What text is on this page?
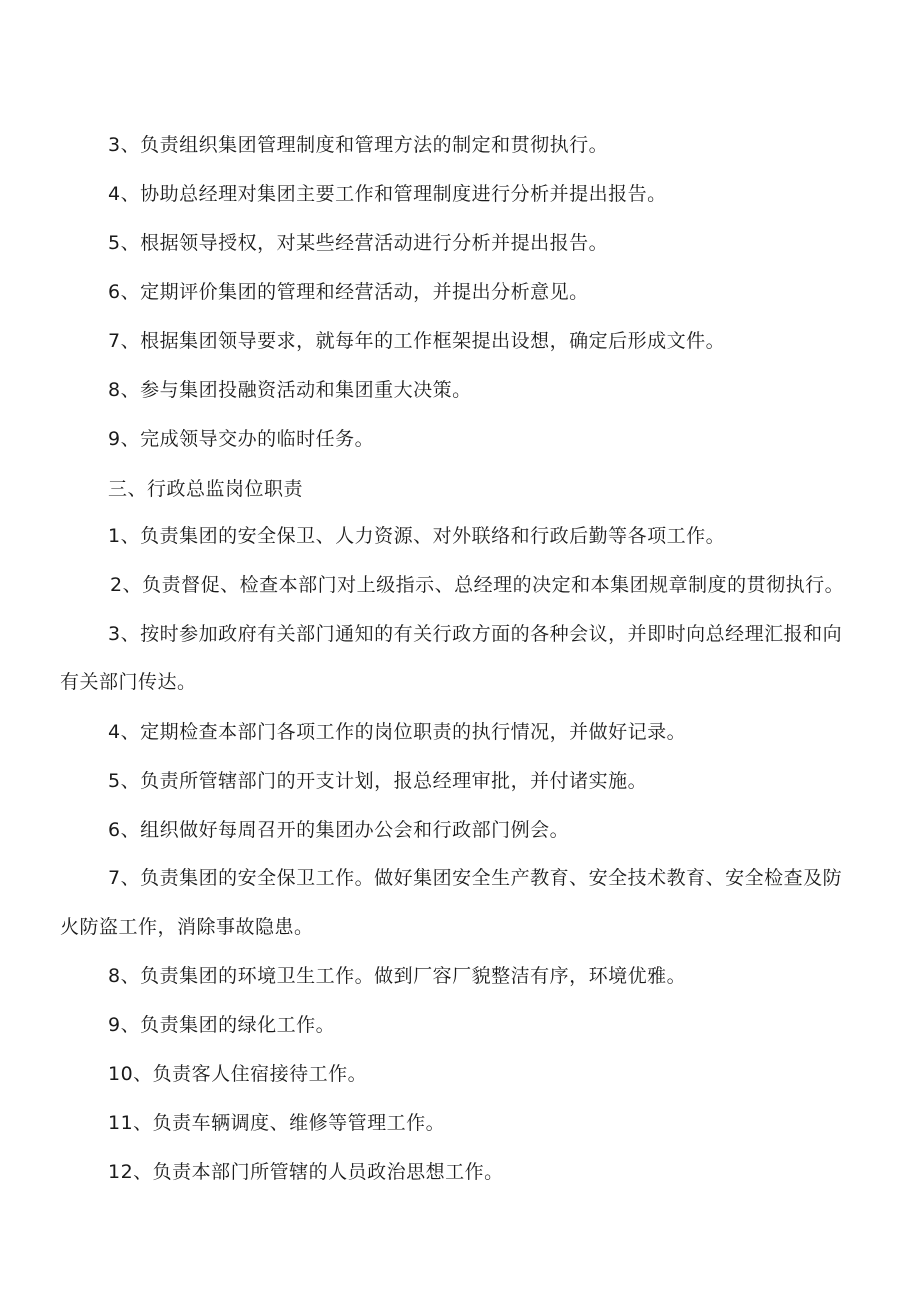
3、负责组织集团管理制度和管理方法的制定和贯彻执行。
4、协助总经理对集团主要工作和管理制度进行分析并提出报告。
5、根据领导授权，对某些经营活动进行分析并提出报告。
6、定期评价集团的管理和经营活动，并提出分析意见。
7、根据集团领导要求，就每年的工作框架提出设想，确定后形成文件。
8、参与集团投融资活动和集团重大决策。
9、完成领导交办的临时任务。
三、行政总监岗位职责
1、负责集团的安全保卫、人力资源、对外联络和行政后勤等各项工作。
2、负责督促、检查本部门对上级指示、总经理的决定和本集团规章制度的贯彻执行。
3、按时参加政府有关部门通知的有关行政方面的各种会议，并即时向总经理汇报和向
有关部门传达。
4、定期检查本部门各项工作的岗位职责的执行情况，并做好记录。
5、负责所管辖部门的开支计划，报总经理审批，并付诸实施。
6、组织做好每周召开的集团办公会和行政部门例会。
7、负责集团的安全保卫工作。做好集团安全生产教育、安全技术教育、安全检查及防
火防盗工作，消除事故隐患。
8、负责集团的环境卫生工作。做到厂容厂貌整洁有序，环境优雅。
9、负责集团的绿化工作。
10、负责客人住宿接待工作。
11、负责车辆调度、维修等管理工作。
12、负责本部门所管辖的人员政治思想工作。
